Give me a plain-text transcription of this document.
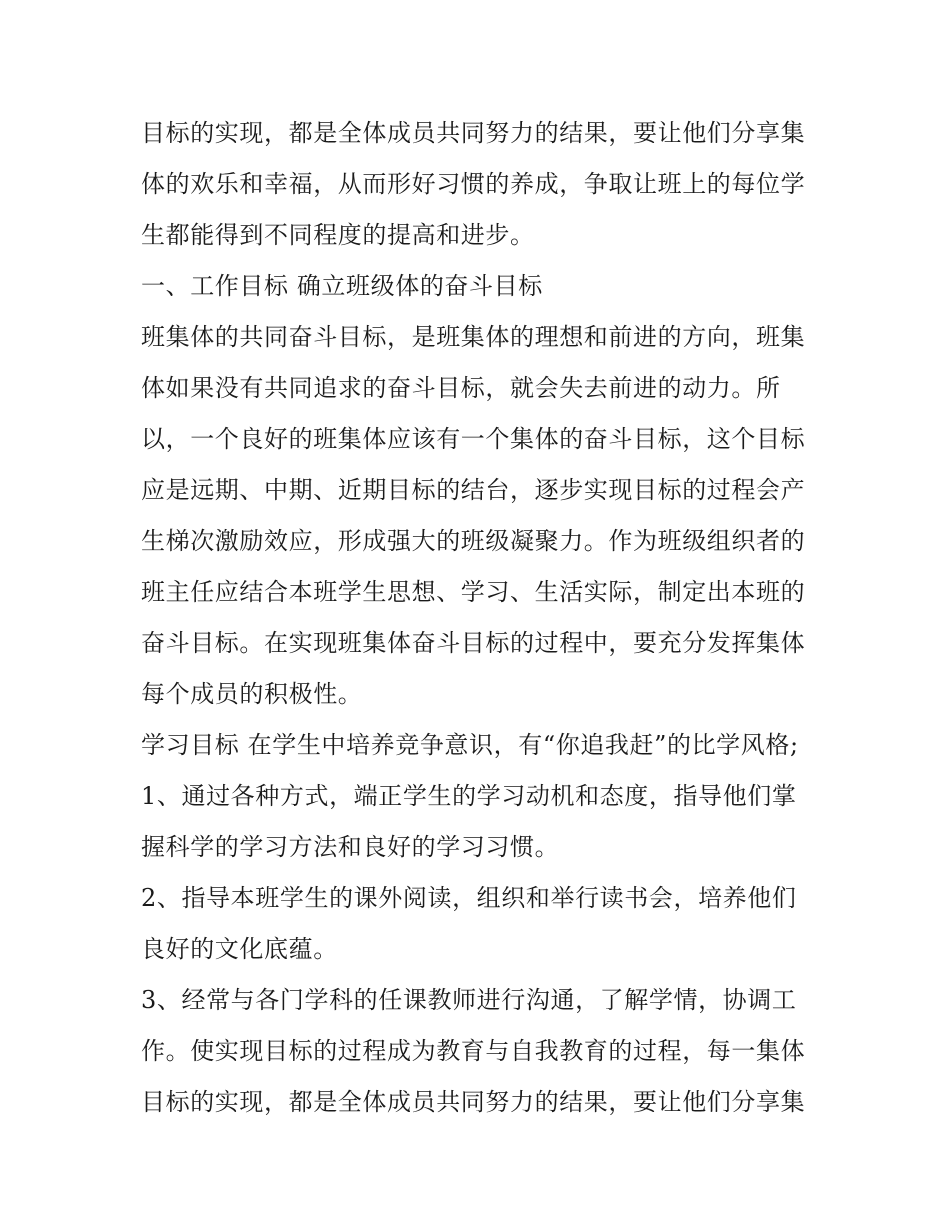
目标的实现，都是全体成员共同努力的结果，要让他们分享集
体的欢乐和幸福，从而形好习惯的养成，争取让班上的每位学
生都能得到不同程度的提高和进步。
一、工作目标 确立班级体的奋斗目标
班集体的共同奋斗目标，是班集体的理想和前进的方向，班集
体如果没有共同追求的奋斗目标，就会失去前进的动力。所
以，一个良好的班集体应该有一个集体的奋斗目标，这个目标
应是远期、中期、近期目标的结台，逐步实现目标的过程会产
生梯次激励效应，形成强大的班级凝聚力。作为班级组织者的
班主任应结合本班学生思想、学习、生活实际，制定出本班的
奋斗目标。在实现班集体奋斗目标的过程中，要充分发挥集体
每个成员的积极性。
学习目标 在学生中培养竞争意识，有“你追我赶”的比学风格;
1、通过各种方式，端正学生的学习动机和态度，指导他们掌
握科学的学习方法和良好的学习习惯。
2、指导本班学生的课外阅读，组织和举行读书会，培养他们
良好的文化底蕴。
3、经常与各门学科的任课教师进行沟通，了解学情，协调工
作。使实现目标的过程成为教育与自我教育的过程，每一集体
目标的实现，都是全体成员共同努力的结果，要让他们分享集
